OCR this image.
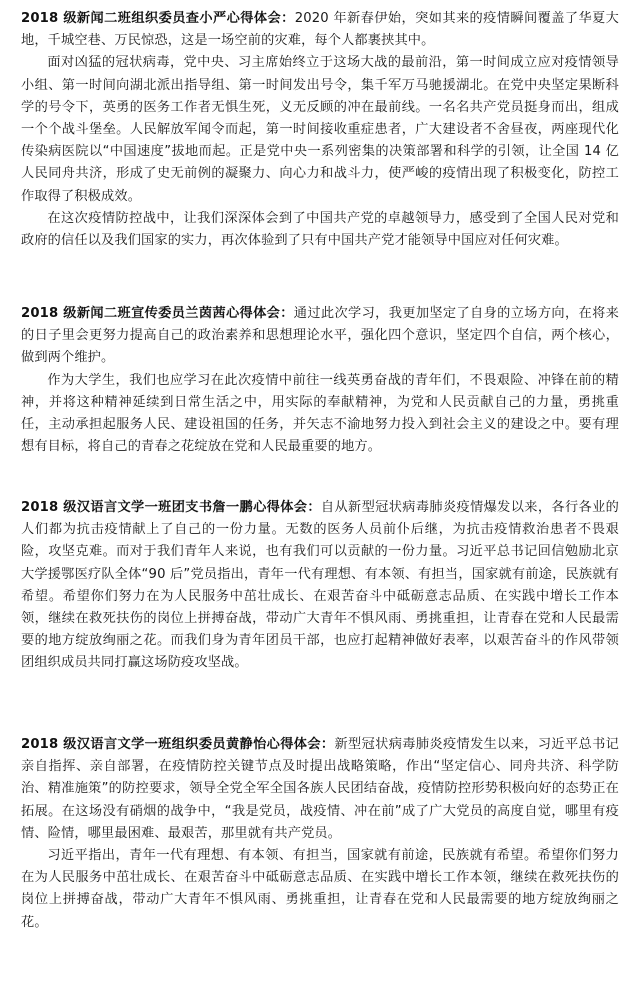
2018 级新闻二班组织委员查小严心得体会：2020 年新春伊始，突如其来的疫情瞬间覆盖了华夏大地，千城空巷、万民惊恐，这是一场空前的灾难，每个人都裹挟其中。

面对凶猛的冠状病毒，党中央、习主席始终立于这场大战的最前沿，第一时间成立应对疫情领导小组、第一时间向湖北派出指导组、第一时间发出号令，集千军万马驰援湖北。在党中央坚定果断科学的号令下，英勇的医务工作者无惧生死，义无反顾的冲在最前线。一名名共产党员挺身而出，组成一个个战斗堡垒。人民解放军闻令而起，第一时间接收重症患者，广大建设者不舍昼夜，两座现代化传染病医院以“中国速度”拔地而起。正是党中央一系列密集的决策部署和科学的引领，让全国 14 亿人民同舟共济，形成了史无前例的凝聚力、向心力和战斗力，使严峻的疫情出现了积极变化，防控工作取得了积极成效。

在这次疫情防控战中，让我们深深体会到了中国共产党的卓越领导力，感受到了全国人民对党和政府的信任以及我们国家的实力，再次体验到了只有中国共产党才能领导中国应对任何灾难。

2018 级新闻二班宣传委员兰茵茜心得体会：通过此次学习，我更加坚定了自身的立场方向，在将来的日子里会更努力提高自己的政治素养和思想理论水平，强化四个意识，坚定四个自信，两个核心，做到两个维护。

作为大学生，我们也应学习在此次疫情中前往一线英勇奋战的青年们，不畏艰险、冲锋在前的精神，并将这种精神延续到日常生活之中，用实际的奉献精神，为党和人民贡献自己的力量，勇挑重任，主动承担起服务人民、建设祖国的任务，并矢志不渝地努力投入到社会主义的建设之中。要有理想有目标，将自己的青春之花绽放在党和人民最重要的地方。

2018 级汉语言文学一班团支书詹一鹏心得体会：自从新型冠状病毒肺炎疫情爆发以来，各行各业的人们都为抗击疫情献上了自己的一份力量。无数的医务人员前仆后继，为抗击疫情救治患者不畏艰险，攻坚克难。而对于我们青年人来说，也有我们可以贡献的一份力量。习近平总书记回信勉励北京大学援鄂医疗队全体“90 后”党员指出，青年一代有理想、有本领、有担当，国家就有前途，民族就有希望。希望你们努力在为人民服务中茁壮成长、在艰苦奋斗中砥砺意志品质、在实践中增长工作本领，继续在救死扶伤的岗位上拼搏奋战，带动广大青年不惧风雨、勇挑重担，让青春在党和人民最需要的地方绽放绚丽之花。而我们身为青年团员干部，也应打起精神做好表率，以艰苦奋斗的作风带领团组织成员共同打赢这场防疫攻坚战。

2018 级汉语言文学一班组织委员黄静怡心得体会：新型冠状病毒肺炎疫情发生以来，习近平总书记亲自指挥、亲自部署，在疫情防控关键节点及时提出战略策略，作出“坚定信心、同舟共济、科学防治、精准施策”的防控要求，领导全党全军全国各族人民团结奋战，疫情防控形势积极向好的态势正在拓展。在这场没有硝烟的战争中，“我是党员，战疫情、冲在前”成了广大党员的高度自觉，哪里有疫情、险情，哪里最困难、最艰苦，那里就有共产党员。

习近平指出，青年一代有理想、有本领、有担当，国家就有前途，民族就有希望。希望你们努力在为人民服务中茁壮成长、在艰苦奋斗中砥砺意志品质、在实践中增长工作本领，继续在救死扶伤的岗位上拼搏奋战，带动广大青年不惧风雨、勇挑重担，让青春在党和人民最需要的地方绽放绚丽之花。
